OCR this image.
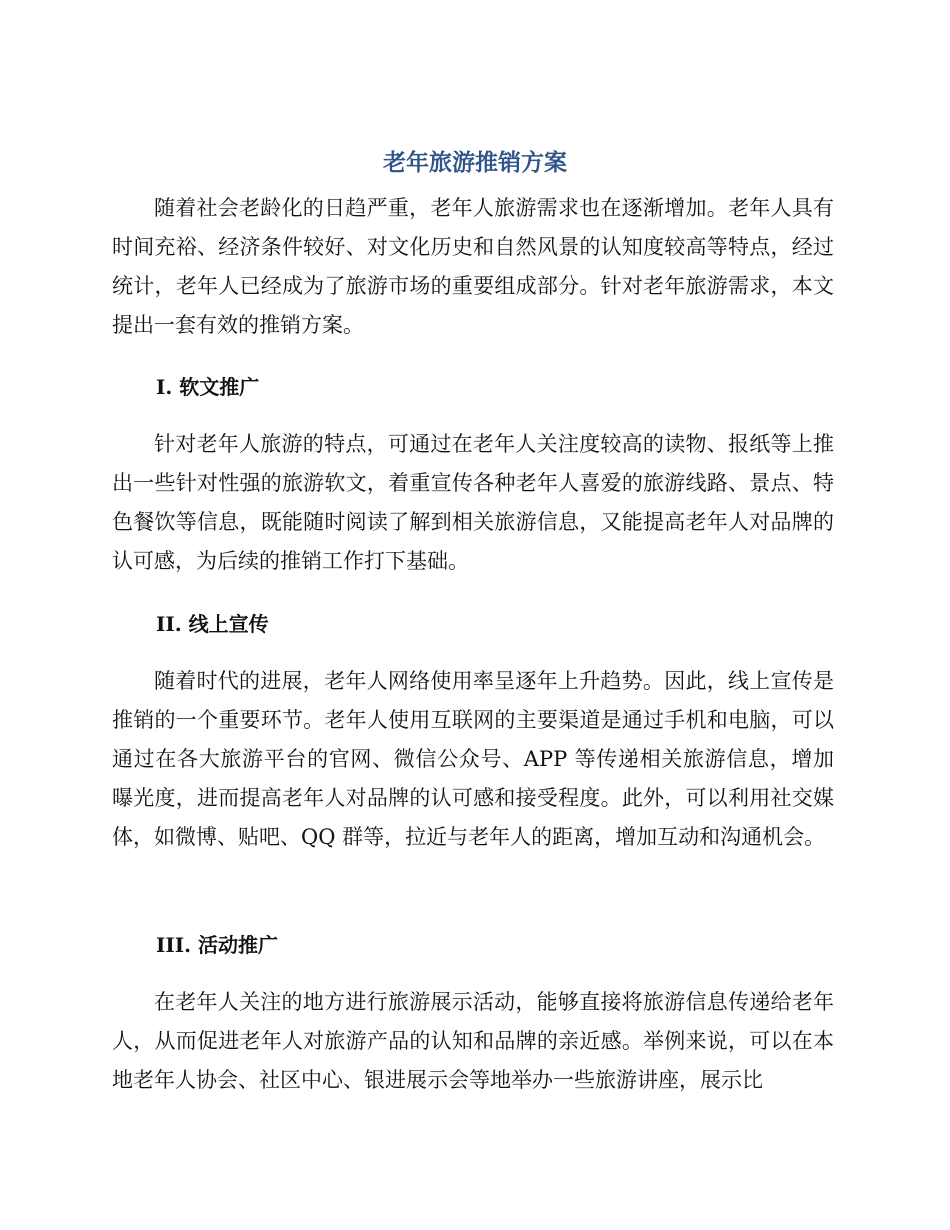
老年旅游推销方案

随着社会老龄化的日趋严重，老年人旅游需求也在逐渐增加。老年人具有时间充裕、经济条件较好、对文化历史和自然风景的认知度较高等特点，经过统计，老年人已经成为了旅游市场的重要组成部分。针对老年旅游需求，本文提出一套有效的推销方案。

I. 软文推广

针对老年人旅游的特点，可通过在老年人关注度较高的读物、报纸等上推出一些针对性强的旅游软文，着重宣传各种老年人喜爱的旅游线路、景点、特色餐饮等信息，既能随时阅读了解到相关旅游信息，又能提高老年人对品牌的认可感，为后续的推销工作打下基础。

II. 线上宣传

随着时代的进展，老年人网络使用率呈逐年上升趋势。因此，线上宣传是推销的一个重要环节。老年人使用互联网的主要渠道是通过手机和电脑，可以通过在各大旅游平台的官网、微信公众号、APP 等传递相关旅游信息，增加曝光度，进而提高老年人对品牌的认可感和接受程度。此外，可以利用社交媒体，如微博、贴吧、QQ 群等，拉近与老年人的距离，增加互动和沟通机会。

III. 活动推广

在老年人关注的地方进行旅游展示活动，能够直接将旅游信息传递给老年人，从而促进老年人对旅游产品的认知和品牌的亲近感。举例来说，可以在本地老年人协会、社区中心、银进展示会等地举办一些旅游讲座，展示比
